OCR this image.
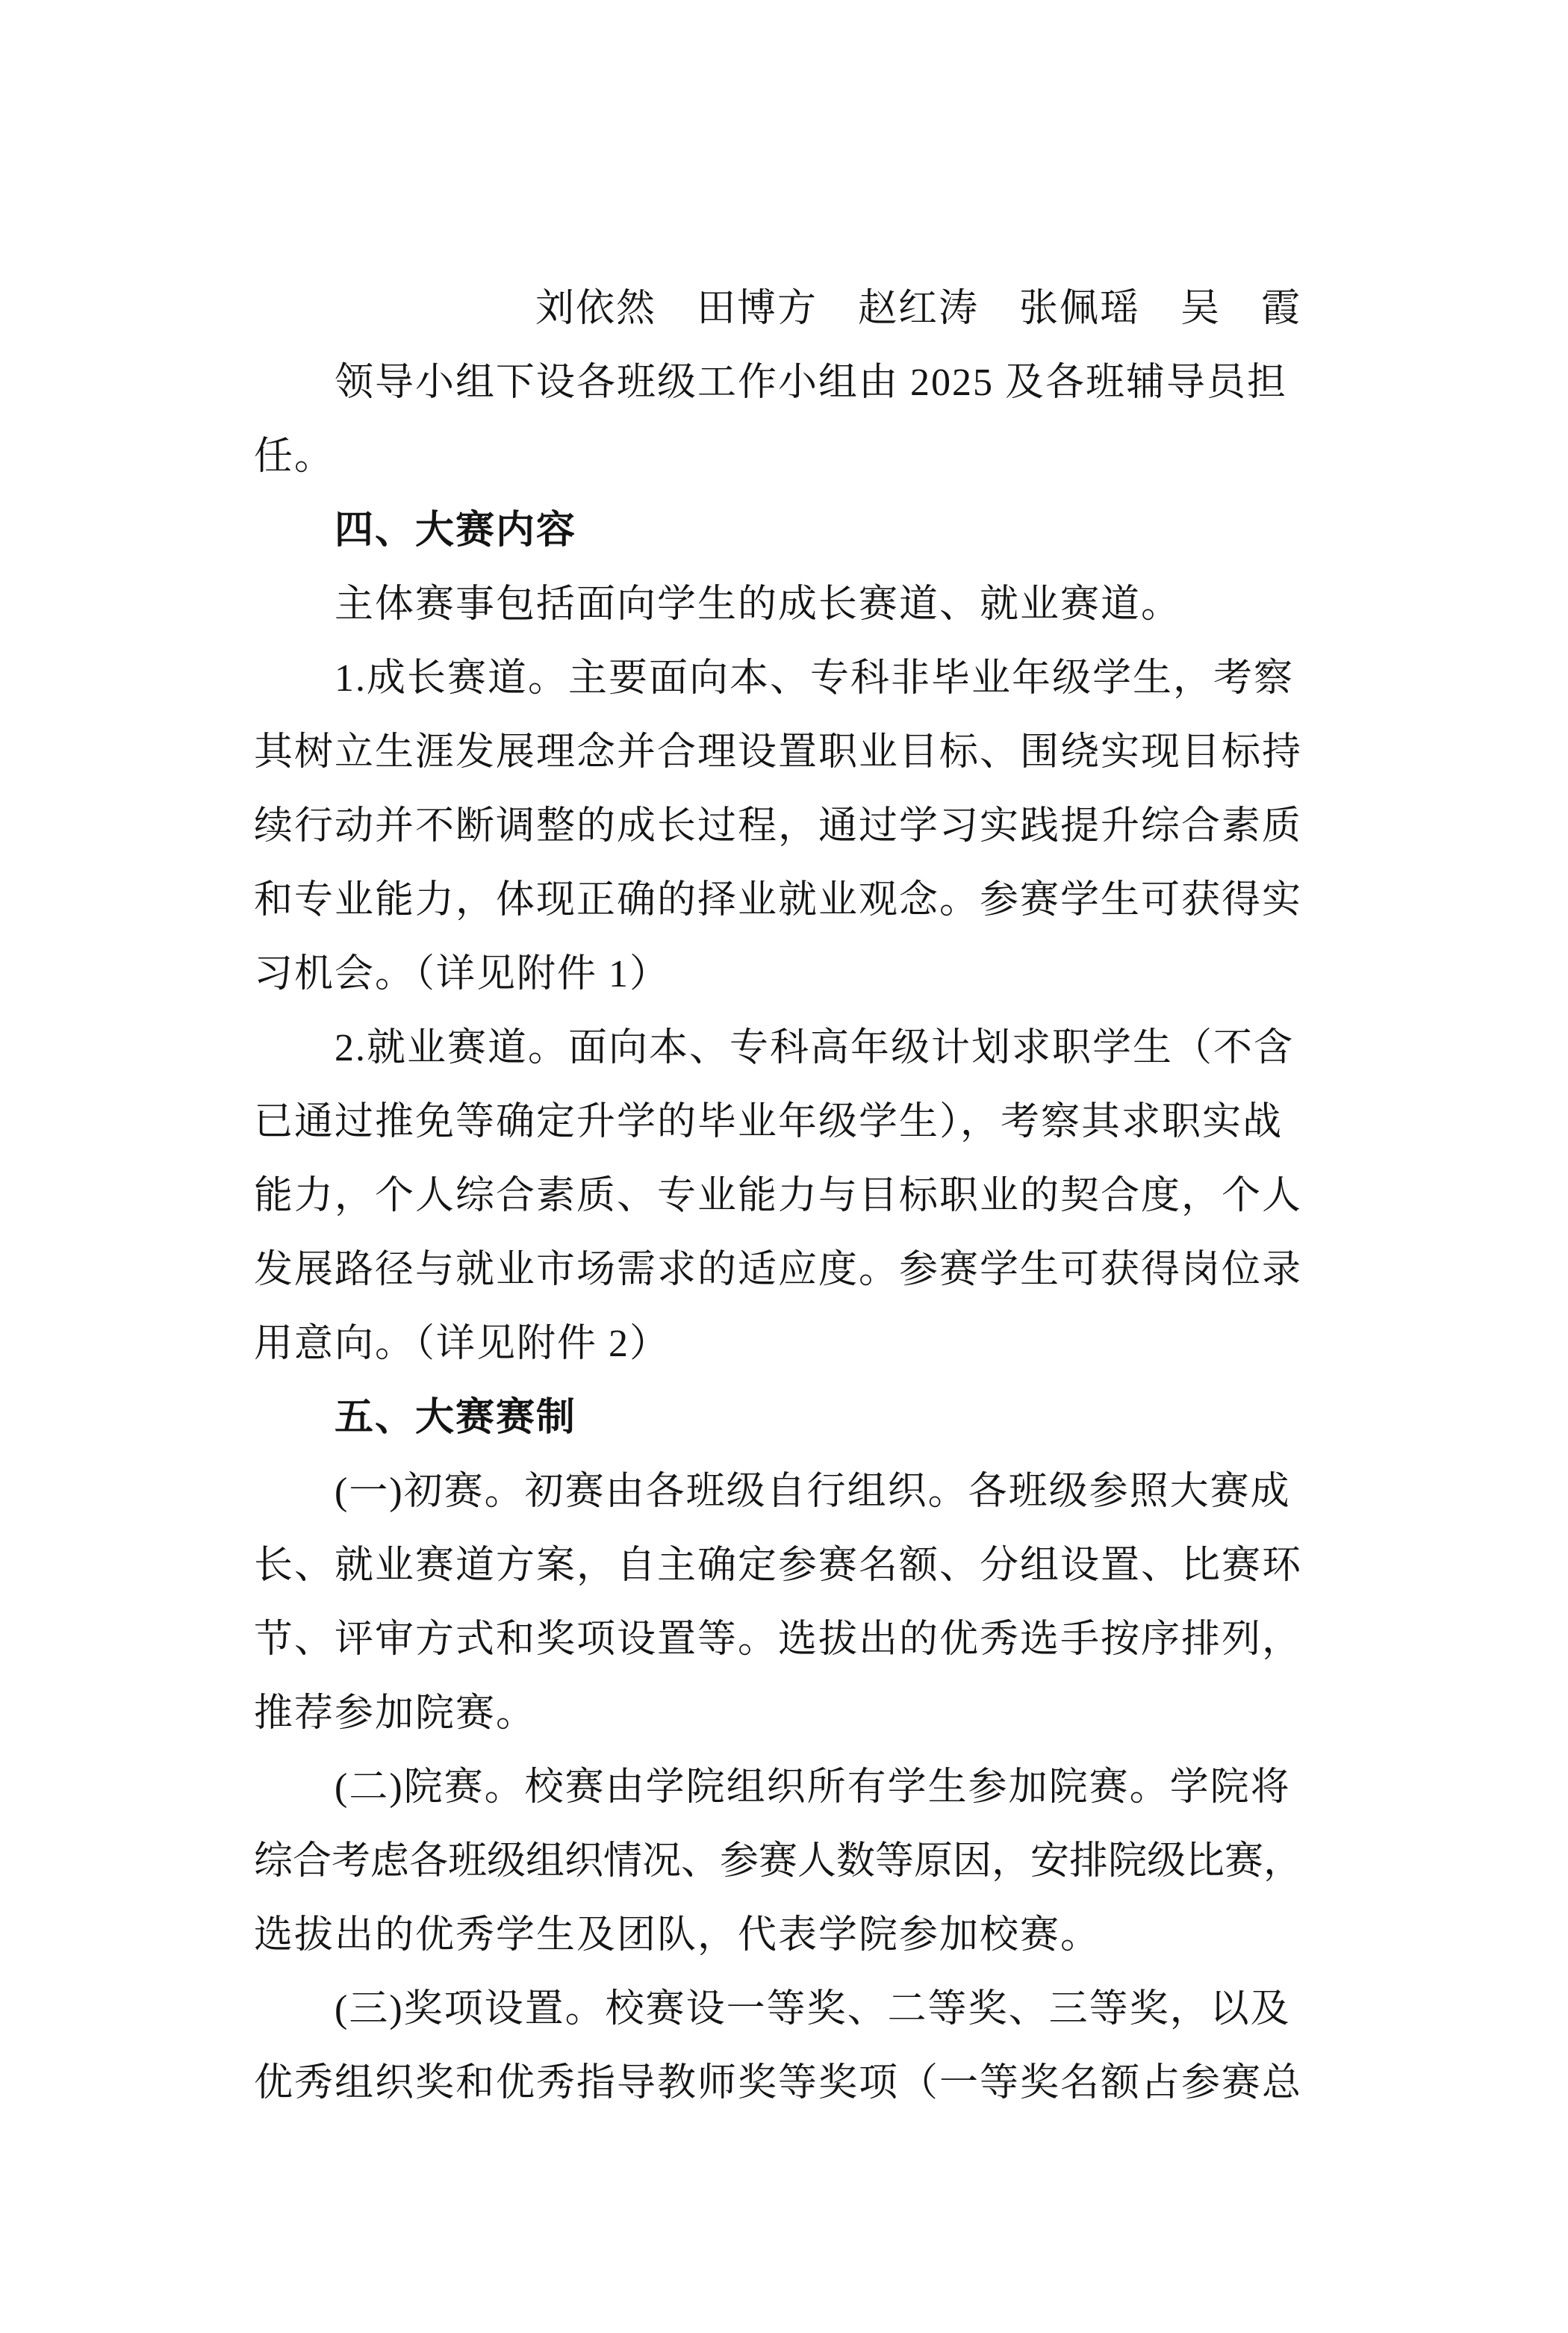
刘依然　田博方　赵红涛　张佩瑶　吴　霞
领导小组下设各班级工作小组由 2025 及各班辅导员担
任。
四、大赛内容
主体赛事包括面向学生的成长赛道、就业赛道。
1.成长赛道。主要面向本、专科非毕业年级学生，考察
其树立生涯发展理念并合理设置职业目标、围绕实现目标持
续行动并不断调整的成长过程，通过学习实践提升综合素质
和专业能力，体现正确的择业就业观念。参赛学生可获得实
习机会。（详见附件 1）
2.就业赛道。面向本、专科高年级计划求职学生（不含
已通过推免等确定升学的毕业年级学生），考察其求职实战
能力，个人综合素质、专业能力与目标职业的契合度，个人
发展路径与就业市场需求的适应度。参赛学生可获得岗位录
用意向。（详见附件 2）
五、大赛赛制
(一)初赛。初赛由各班级自行组织。各班级参照大赛成
长、就业赛道方案，自主确定参赛名额、分组设置、比赛环
节、评审方式和奖项设置等。选拔出的优秀选手按序排列，
推荐参加院赛。
(二)院赛。校赛由学院组织所有学生参加院赛。学院将
综合考虑各班级组织情况、参赛人数等原因，安排院级比赛，
选拔出的优秀学生及团队，代表学院参加校赛。
(三)奖项设置。校赛设一等奖、二等奖、三等奖，以及
优秀组织奖和优秀指导教师奖等奖项（一等奖名额占参赛总
